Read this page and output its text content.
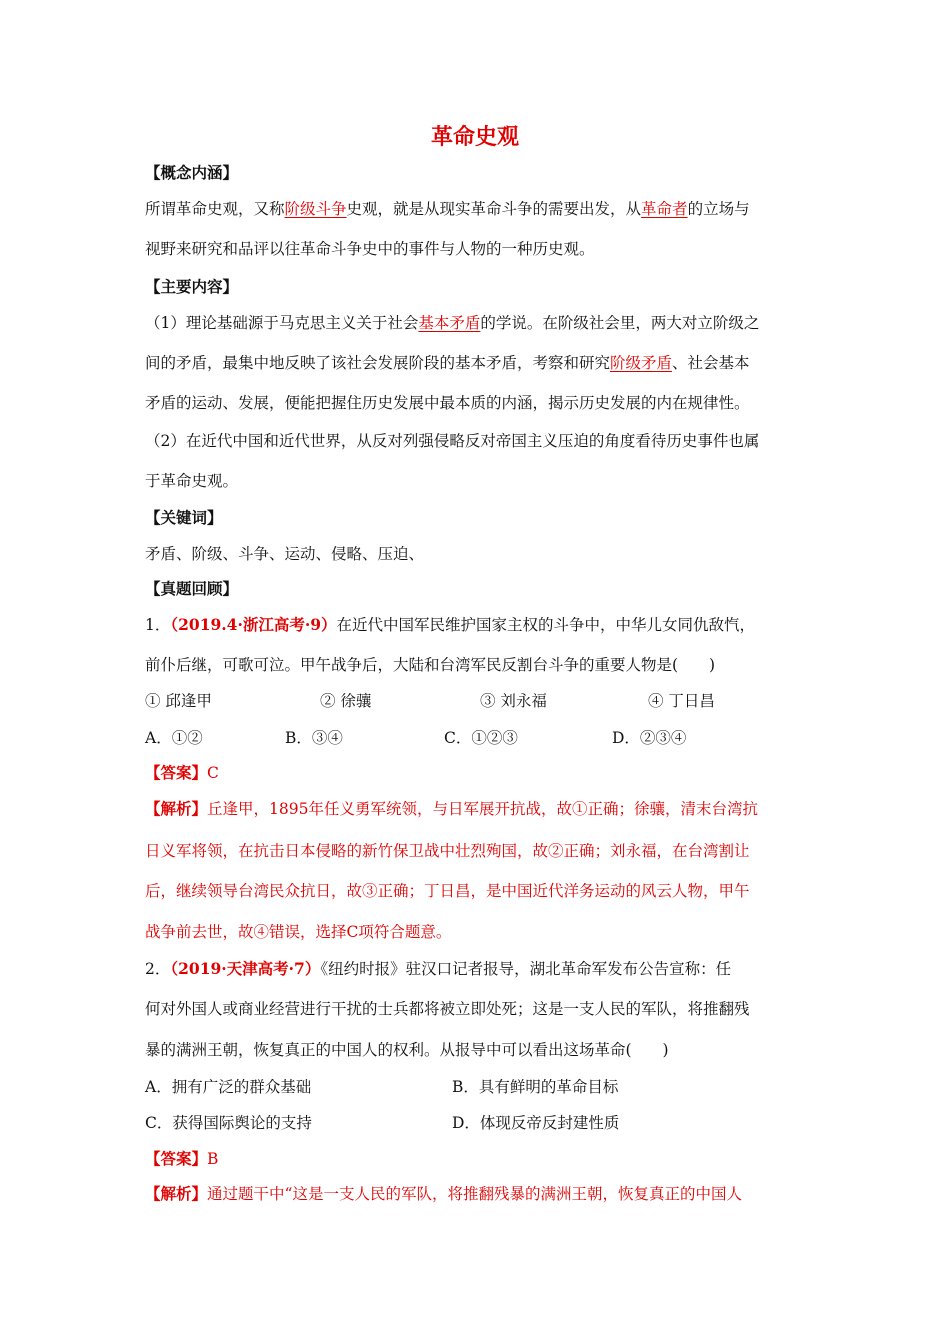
革命史观
【概念内涵】
所谓革命史观，又称阶级斗争史观，就是从现实革命斗争的需要出发，从革命者的立场与
视野来研究和品评以往革命斗争史中的事件与人物的一种历史观。
【主要内容】
（1）理论基础源于马克思主义关于社会基本矛盾的学说。在阶级社会里，两大对立阶级之
间的矛盾，最集中地反映了该社会发展阶段的基本矛盾，考察和研究阶级矛盾、社会基本
矛盾的运动、发展，便能把握住历史发展中最本质的内涵，揭示历史发展的内在规律性。
（2）在近代中国和近代世界，从反对列强侵略反对帝国主义压迫的角度看待历史事件也属
于革命史观。
【关键词】
矛盾、阶级、斗争、运动、侵略、压迫、
【真题回顾】
1．（2019.4·浙江高考·9）在近代中国军民维护国家主权的斗争中，中华儿女同仇敌忾，
前仆后继，可歌可泣。甲午战争后，大陆和台湾军民反割台斗争的重要人物是(　　)
① 邱逢甲	② 徐骧	③ 刘永福	④ 丁日昌
A．①②	B．③④	C．①②③	D．②③④
【答案】C
【解析】丘逢甲，1895年任义勇军统领，与日军展开抗战，故①正确；徐骧，清末台湾抗
日义军将领，在抗击日本侵略的新竹保卫战中壮烈殉国，故②正确；刘永福，在台湾割让
后，继续领导台湾民众抗日，故③正确；丁日昌，是中国近代洋务运动的风云人物，甲午
战争前去世，故④错误，选择C项符合题意。
2．（2019·天津高考·7）《纽约时报》驻汉口记者报导，湖北革命军发布公告宣称：任
何对外国人或商业经营进行干扰的士兵都将被立即处死；这是一支人民的军队，将推翻残
暴的满洲王朝，恢复真正的中国人的权利。从报导中可以看出这场革命(　　)
A．拥有广泛的群众基础	B．具有鲜明的革命目标
C．获得国际舆论的支持	D．体现反帝反封建性质
【答案】B
【解析】通过题干中“这是一支人民的军队，将推翻残暴的满洲王朝，恢复真正的中国人
